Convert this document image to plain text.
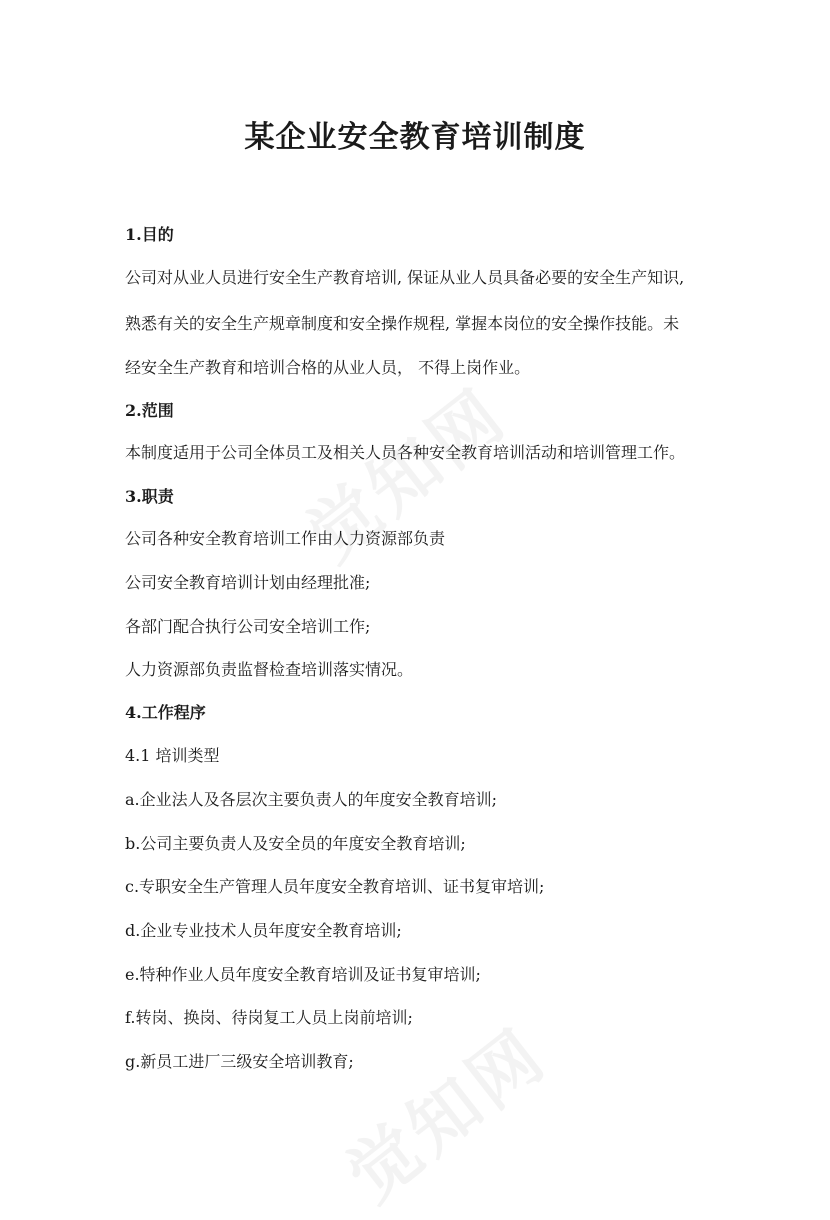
某企业安全教育培训制度

1.目的

公司对从业人员进行安全生产教育培训, 保证从业人员具备必要的安全生产知识,

熟悉有关的安全生产规章制度和安全操作规程, 掌握本岗位的安全操作技能。未

经安全生产教育和培训合格的从业人员， 不得上岗作业。

2.范围

本制度适用于公司全体员工及相关人员各种安全教育培训活动和培训管理工作。

3.职责

公司各种安全教育培训工作由人力资源部负责

公司安全教育培训计划由经理批准;

各部门配合执行公司安全培训工作;

人力资源部负责监督检查培训落实情况。

4.工作程序

4.1 培训类型

a.企业法人及各层次主要负责人的年度安全教育培训;

b.公司主要负责人及安全员的年度安全教育培训;

c.专职安全生产管理人员年度安全教育培训、证书复审培训;

d.企业专业技术人员年度安全教育培训;

e.特种作业人员年度安全教育培训及证书复审培训;

f.转岗、换岗、待岗复工人员上岗前培训;

g.新员工进厂三级安全培训教育;
